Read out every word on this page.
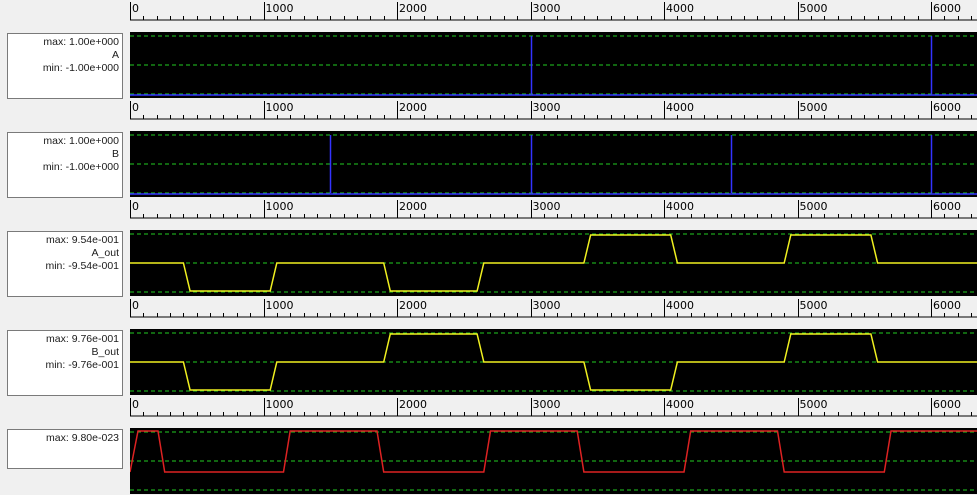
0	1000	2000	3000	4000	5000	6000
max: 1.00e+000
A
min: -1.00e+000
0	1000	2000	3000	4000	5000	6000
max: 1.00e+000
B
min: -1.00e+000
0	1000	2000	3000	4000	5000	6000
max: 9.54e-001
A_out
min: -9.54e-001
0	1000	2000	3000	4000	5000	6000
max: 9.76e-001
B_out
min: -9.76e-001
0	1000	2000	3000	4000	5000	6000
max: 9.80e-023
